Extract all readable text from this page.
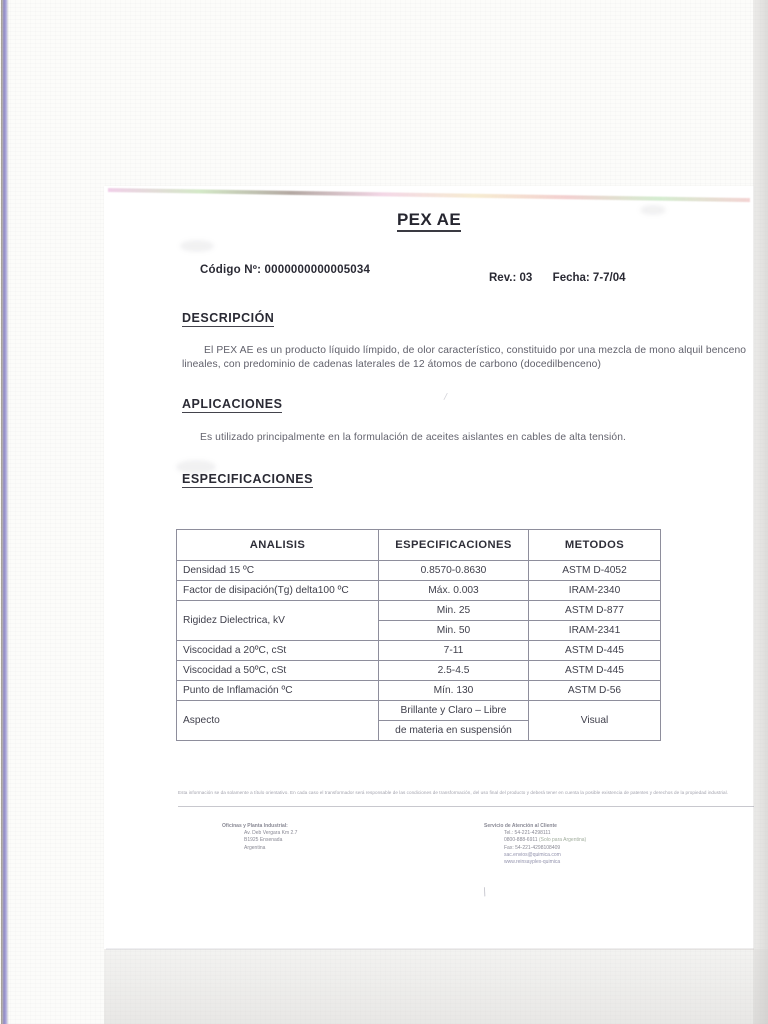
PEX AE
Código Nº: 0000000000005034
Rev.: 03 Fecha: 7-7/04
DESCRIPCIÓN
El PEX AE es un producto líquido límpido, de olor característico, constituido por una mezcla de mono alquil benceno lineales, con predominio de cadenas laterales de 12 átomos de carbono (docedilbenceno)
APLICACIONES
Es utilizado principalmente en la formulación de aceites aislantes en cables de alta tensión.
ESPECIFICACIONES
ANALISIS	ESPECIFICACIONES	METODOS
Densidad 15 ºC	0.8570-0.8630	ASTM D-4052
Factor de disipación(Tg) delta100 ºC	Máx. 0.003	IRAM-2340
Rigidez Dielectrica, kV	Min. 25	ASTM D-877
	Min. 50	IRAM-2341
Viscocidad a 20ºC, cSt	7-11	ASTM D-445
Viscocidad a 50ºC, cSt	2.5-4.5	ASTM D-445
Punto de Inflamación ºC	Mín. 130	ASTM D-56
Aspecto	Brillante y Claro – Libre	Visual
	de materia en suspensión	
Esta información se da solamente a título orientativo. En cada caso el transformador será responsable de las condiciones de transformación, del uso final del producto y deberá tener en cuenta la posible existencia de patentes y derechos de la propiedad industrial.
Oficinas y Planta Industrial:
Av. Deb Vergara Km 2.7
B1925 Ensenada
Argentina
Servicio de Atención al Cliente
Tel.: 54-221-4298111
0800-888-6911 (Solo para Argentina)
Fax: 54-221-4298108409
sac.envios@quimica.com
www.reinsayplex-quimica
/
/
